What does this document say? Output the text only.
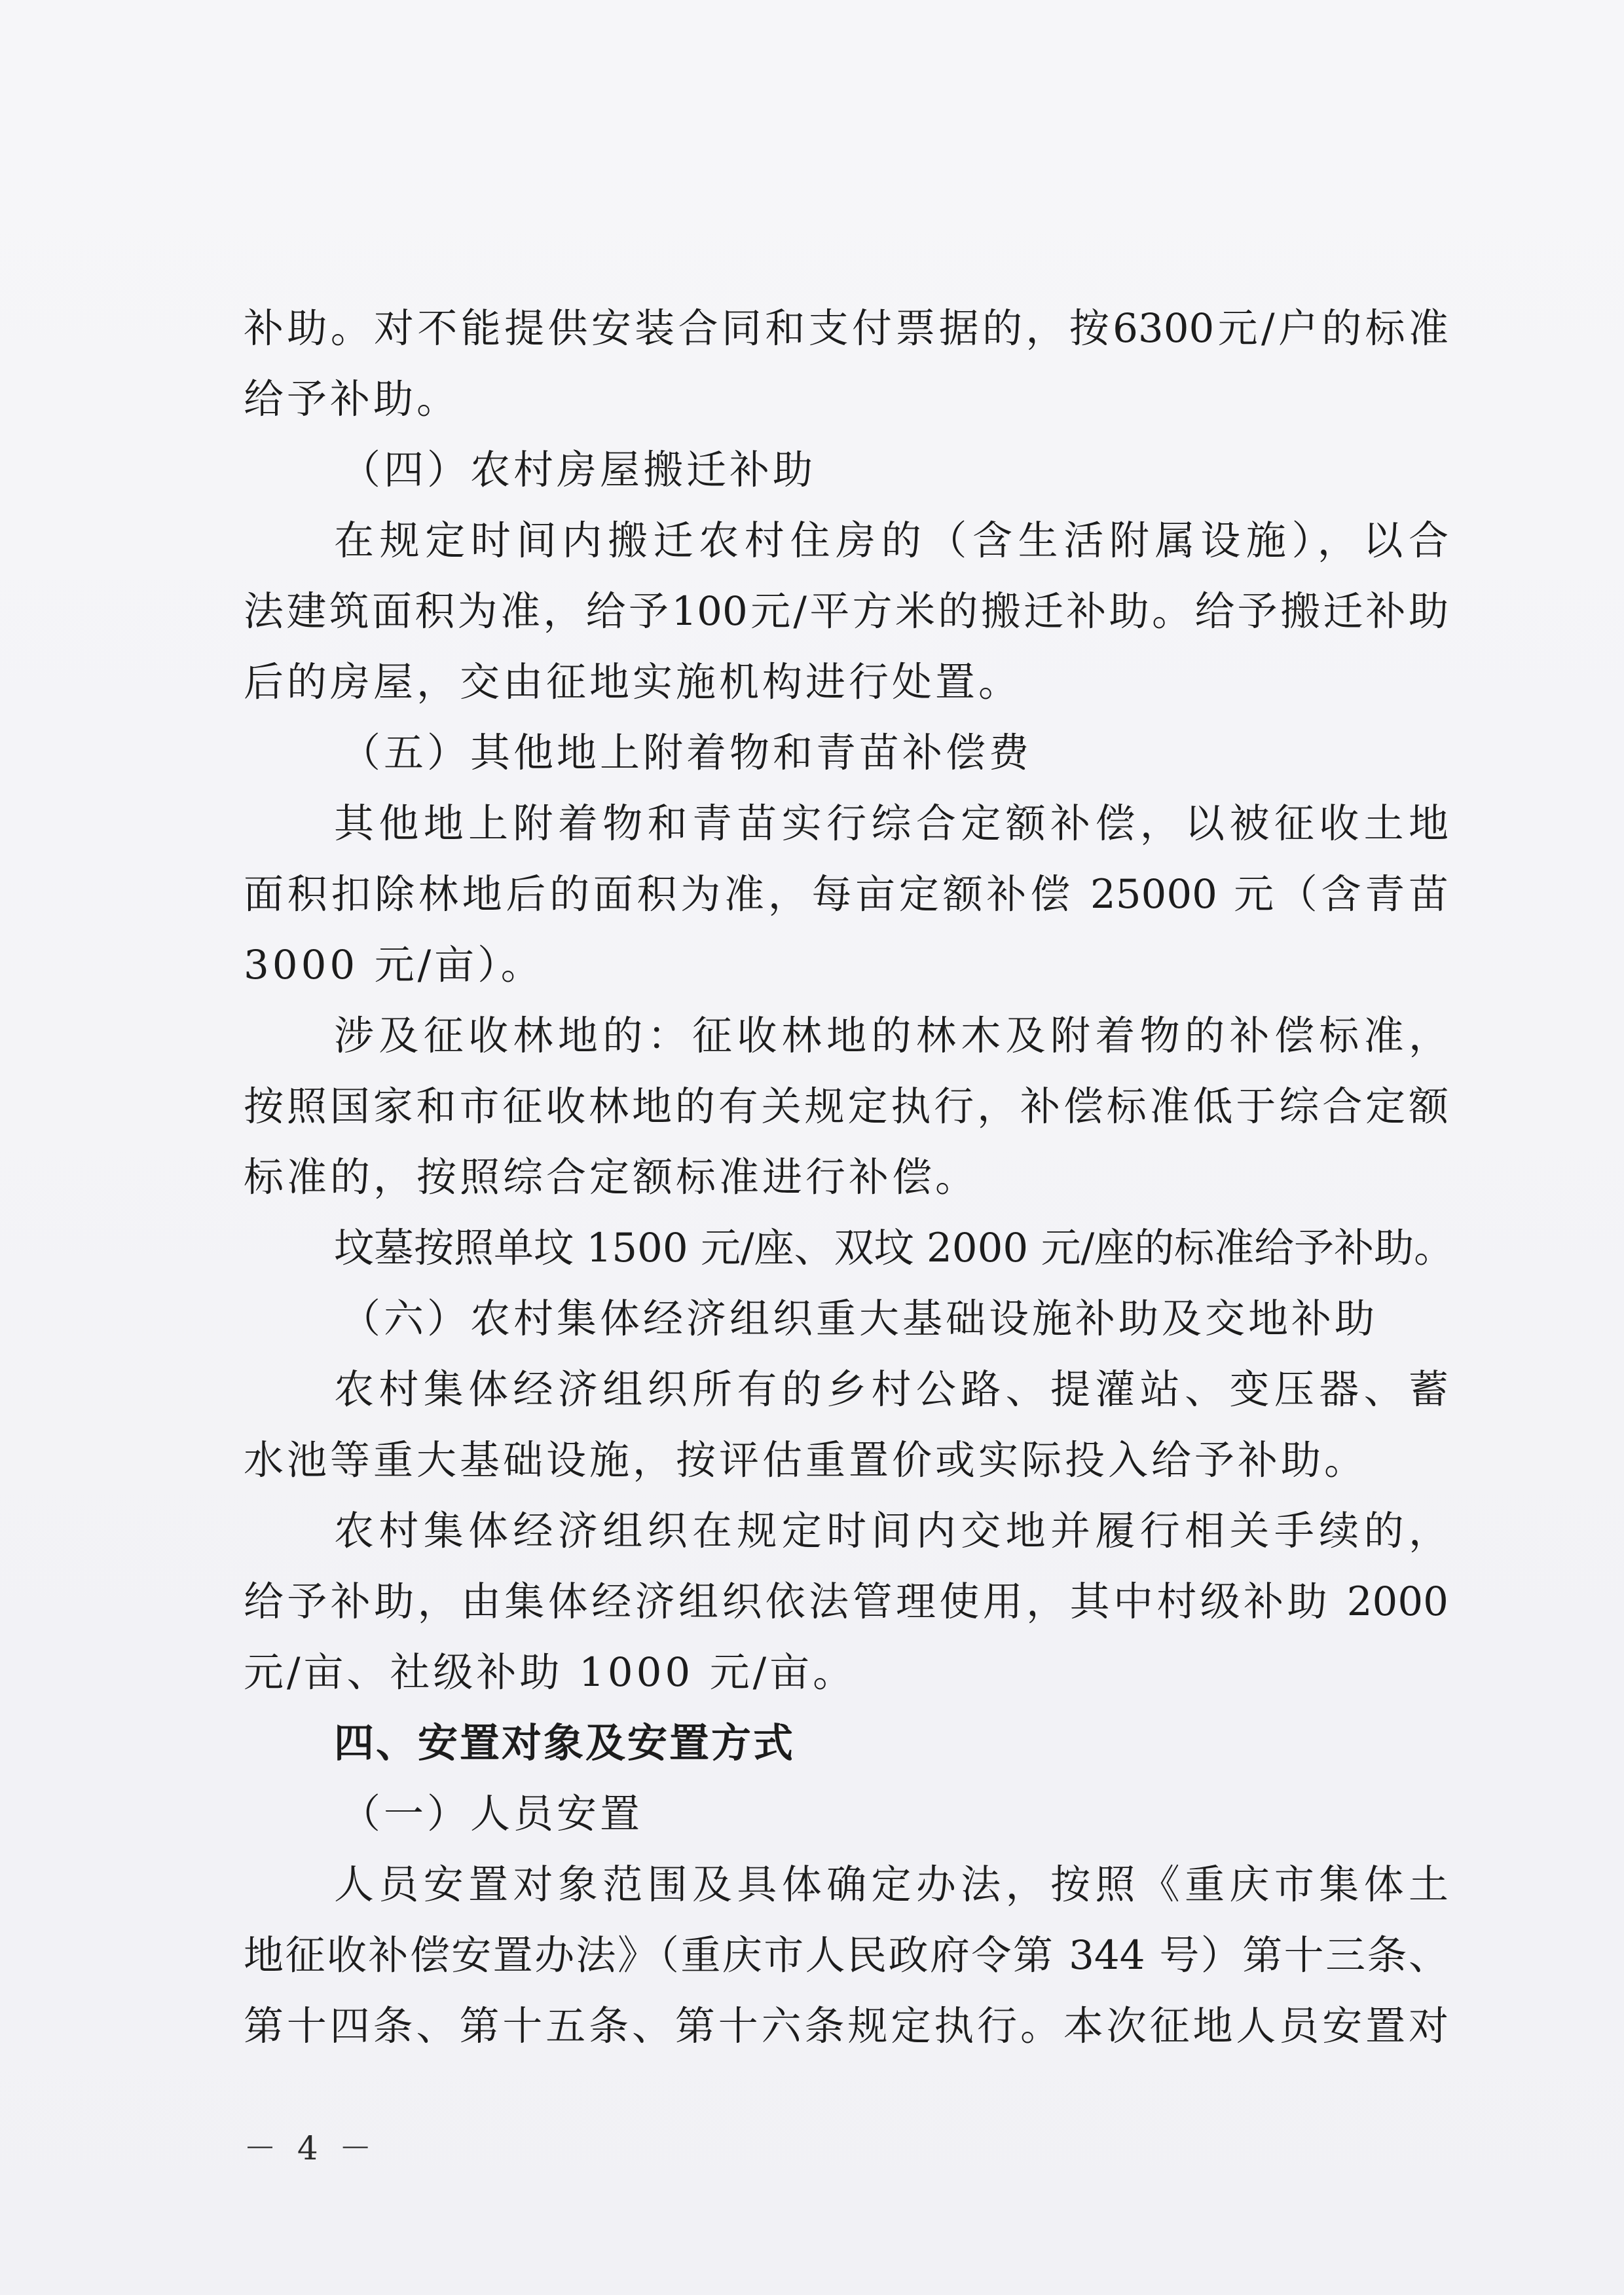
补助。对不能提供安装合同和支付票据的，按6300元/户的标准
给予补助。
（四）农村房屋搬迁补助
在规定时间内搬迁农村住房的（含生活附属设施），以合
法建筑面积为准，给予100元/平方米的搬迁补助。给予搬迁补助
后的房屋，交由征地实施机构进行处置。
（五）其他地上附着物和青苗补偿费
其他地上附着物和青苗实行综合定额补偿，以被征收土地
面积扣除林地后的面积为准，每亩定额补偿 25000 元（含青苗
3000 元/亩）。
涉及征收林地的：征收林地的林木及附着物的补偿标准，
按照国家和市征收林地的有关规定执行，补偿标准低于综合定额
标准的，按照综合定额标准进行补偿。
坟墓按照单坟 1500 元/座、双坟 2000 元/座的标准给予补助。
（六）农村集体经济组织重大基础设施补助及交地补助
农村集体经济组织所有的乡村公路、提灌站、变压器、蓄
水池等重大基础设施，按评估重置价或实际投入给予补助。
农村集体经济组织在规定时间内交地并履行相关手续的，
给予补助，由集体经济组织依法管理使用，其中村级补助 2000
元/亩、社级补助 1000 元/亩。
四、安置对象及安置方式
（一）人员安置
人员安置对象范围及具体确定办法，按照《重庆市集体土
地征收补偿安置办法》（重庆市人民政府令第 344 号）第十三条、
第十四条、第十五条、第十六条规定执行。本次征地人员安置对
－ 4 －
